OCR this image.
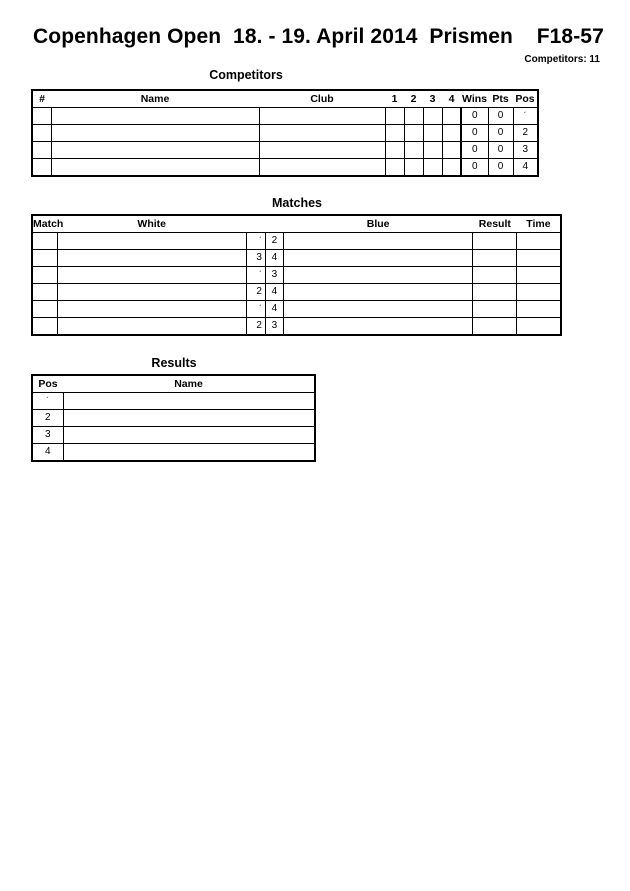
Copenhagen Open  18. - 19. April 2014  Prismen    F18-57
Competitors: 11
Competitors
#	Name	Club	1	2	3	4	Wins	Pts	Pos
							0	0	´
							0	0	2
							0	0	3
							0	0	4
Matches
Match	White			Blue	Result	Time
		´	2			
		3	4			
		´	3			
		2	4			
		´	4			
		2	3			
Results
Pos	Name
´	
2	
3	
4	
